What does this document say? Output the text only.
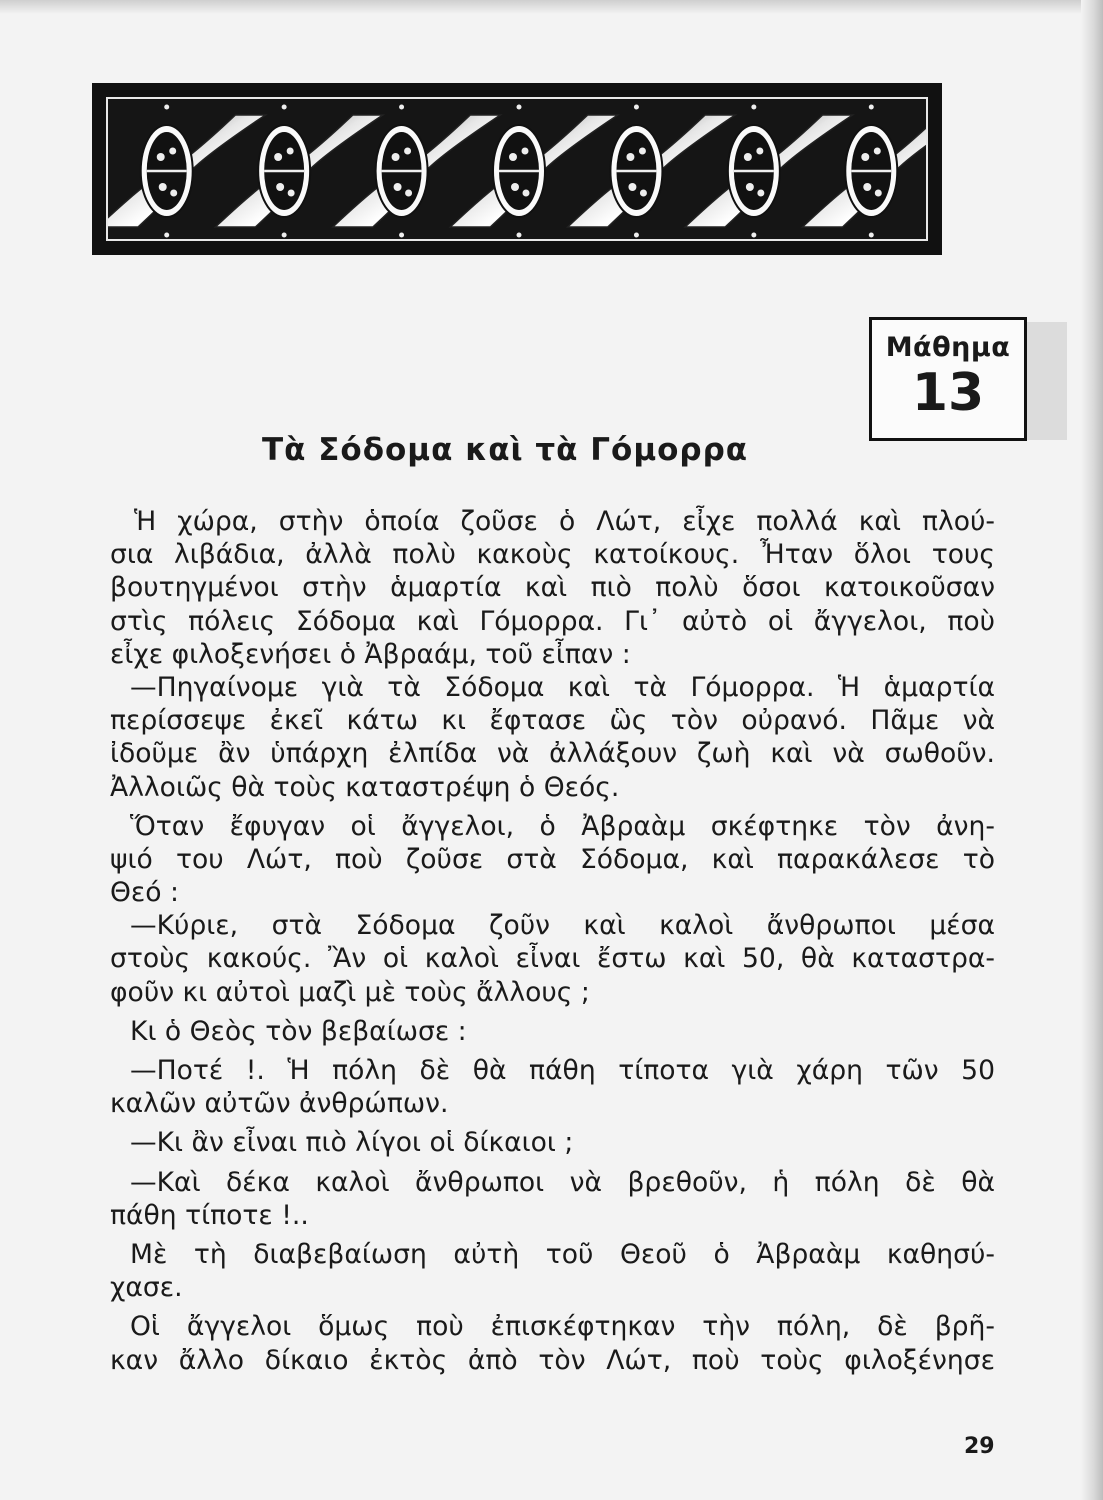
Μάθημα
13
Τὰ Σόδομα καὶ τὰ Γόμορρα
Ἡ χώρα, στὴν ὁποία ζοῦσε ὁ Λώτ, εἶχε πολλά καὶ πλού-
σια λιβάδια, ἀλλὰ πολὺ κακοὺς κατοίκους. Ἦταν ὅλοι τους
βουτηγμένοι στὴν ἁμαρτία καὶ πιὸ πολὺ ὅσοι κατοικοῦσαν
στὶς πόλεις Σόδομα καὶ Γόμορρα. Γι᾽ αὐτὸ οἱ ἄγγελοι, ποὺ
εἶχε φιλοξενήσει ὁ Ἀβραάμ, τοῦ εἶπαν :
—Πηγαίνομε γιὰ τὰ Σόδομα καὶ τὰ Γόμορρα. Ἡ ἁμαρτία
περίσσεψε ἐκεῖ κάτω κι ἔφτασε ὣς τὸν οὐρανό. Πᾶμε νὰ
ἰδοῦμε ἂν ὑπάρχη ἐλπίδα νὰ ἀλλάξουν ζωὴ καὶ νὰ σωθοῦν.
Ἀλλοιῶς θὰ τοὺς καταστρέψη ὁ Θεός.
Ὅταν ἔφυγαν οἱ ἄγγελοι, ὁ Ἀβραὰμ σκέφτηκε τὸν ἀνη-
ψιό του Λώτ, ποὺ ζοῦσε στὰ Σόδομα, καὶ παρακάλεσε τὸ
Θεό :
—Κύριε, στὰ Σόδομα ζοῦν καὶ καλοὶ ἄνθρωποι μέσα
στοὺς κακούς. Ἂν οἱ καλοὶ εἶναι ἔστω καὶ 50, θὰ καταστρα-
φοῦν κι αὐτοὶ μαζὶ μὲ τοὺς ἄλλους ;
Κι ὁ Θεὸς τὸν βεβαίωσε :
—Ποτέ !. Ἡ πόλη δὲ θὰ πάθη τίποτα γιὰ χάρη τῶν 50
καλῶν αὐτῶν ἀνθρώπων.
—Κι ἂν εἶναι πιὸ λίγοι οἱ δίκαιοι ;
—Καὶ δέκα καλοὶ ἄνθρωποι νὰ βρεθοῦν, ἡ πόλη δὲ θὰ
πάθη τίποτε !..
Μὲ τὴ διαβεβαίωση αὐτὴ τοῦ Θεοῦ ὁ Ἀβραὰμ καθησύ-
χασε.
Οἱ ἄγγελοι ὅμως ποὺ ἐπισκέφτηκαν τὴν πόλη, δὲ βρῆ-
καν ἄλλο δίκαιο ἐκτὸς ἀπὸ τὸν Λώτ, ποὺ τοὺς φιλοξένησε
29
